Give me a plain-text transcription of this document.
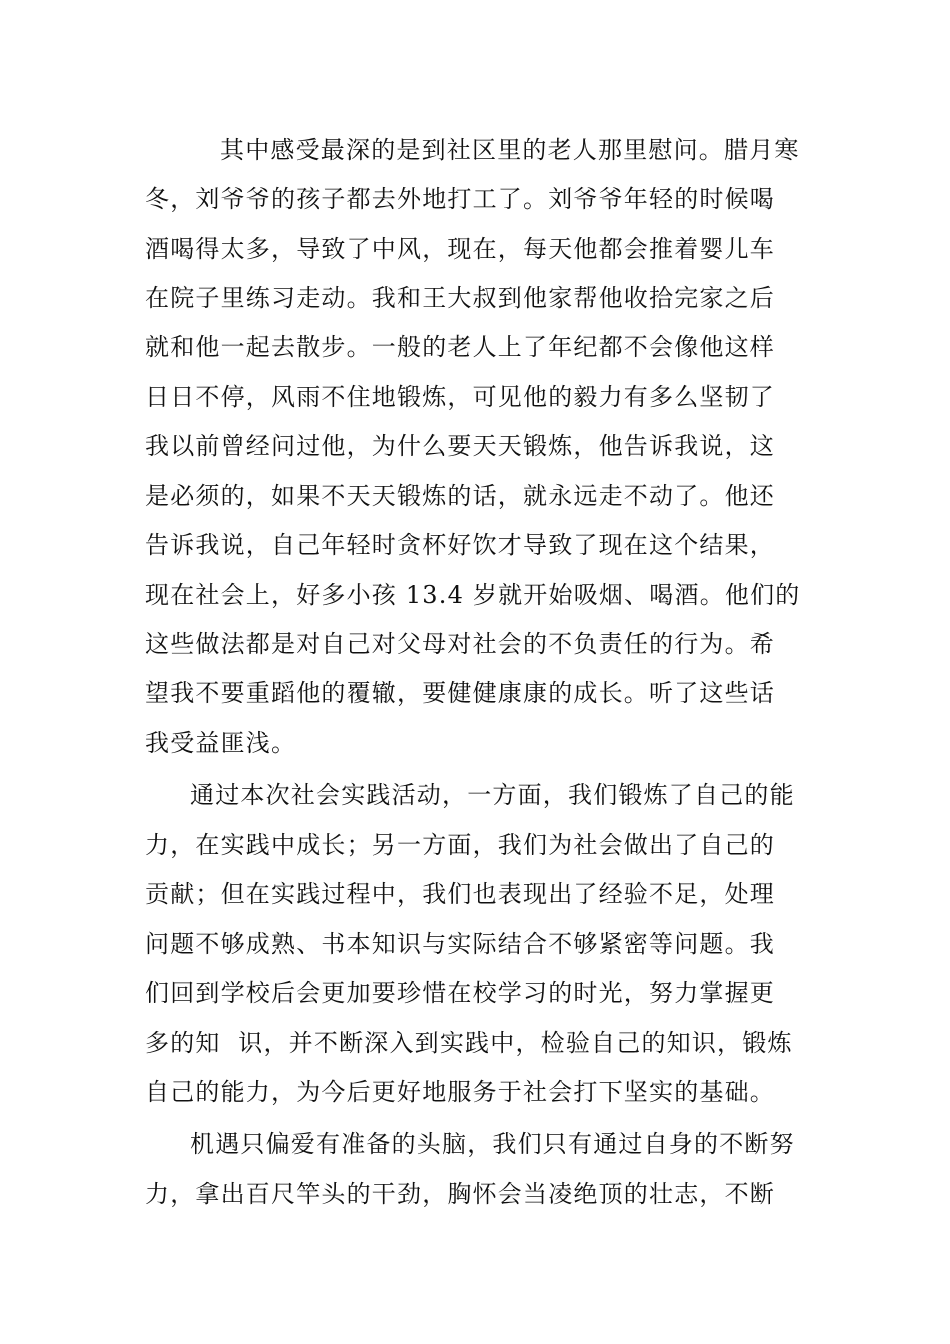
其中感受最深的是到社区里的老人那里慰问。腊月寒
冬，刘爷爷的孩子都去外地打工了。刘爷爷年轻的时候喝
酒喝得太多，导致了中风，现在，每天他都会推着婴儿车
在院子里练习走动。我和王大叔到他家帮他收拾完家之后
就和他一起去散步。一般的老人上了年纪都不会像他这样
日日不停，风雨不住地锻炼，可见他的毅力有多么坚韧了
我以前曾经问过他，为什么要天天锻炼，他告诉我说，这
是必须的，如果不天天锻炼的话，就永远走不动了。他还
告诉我说，自己年轻时贪杯好饮才导致了现在这个结果，
现在社会上，好多小孩 13.4 岁就开始吸烟、喝酒。他们的
这些做法都是对自己对父母对社会的不负责任的行为。希
望我不要重蹈他的覆辙，要健健康康的成长。听了这些话
我受益匪浅。
通过本次社会实践活动，一方面，我们锻炼了自己的能
力，在实践中成长；另一方面，我们为社会做出了自己的
贡献；但在实践过程中，我们也表现出了经验不足，处理
问题不够成熟、书本知识与实际结合不够紧密等问题。我
们回到学校后会更加要珍惜在校学习的时光，努力掌握更
多的知  识，并不断深入到实践中，检验自己的知识，锻炼
自己的能力，为今后更好地服务于社会打下坚实的基础。
机遇只偏爱有准备的头脑，我们只有通过自身的不断努
力，拿出百尺竿头的干劲，胸怀会当凌绝顶的壮志，不断
